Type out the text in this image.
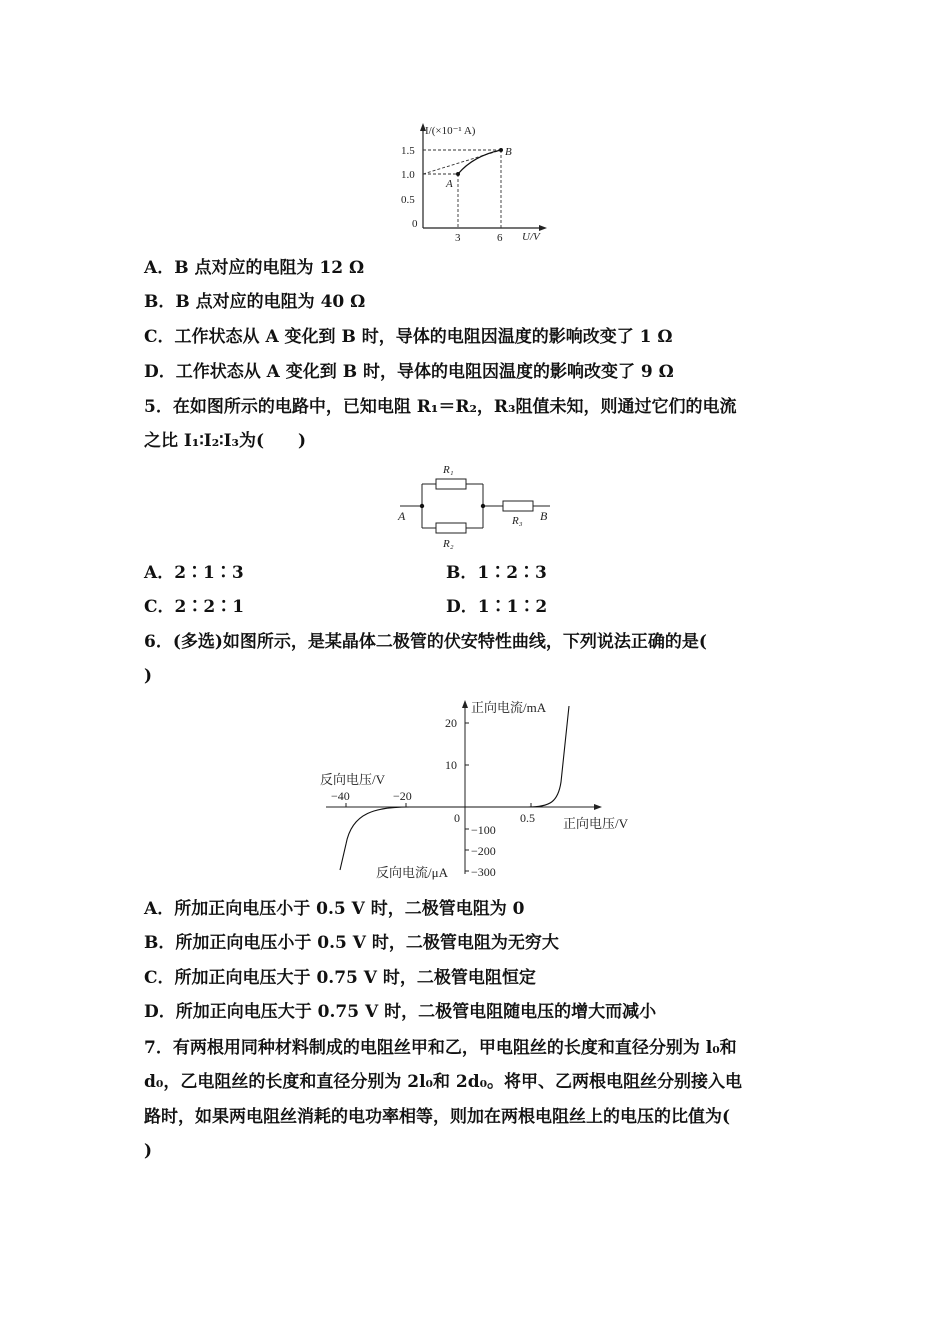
I/(×10⁻¹ A)
U/V
1.5
1.0
0.5
0
3	6
A
B
A．B 点对应的电阻为 12 Ω
B．B 点对应的电阻为 40 Ω
C．工作状态从 A 变化到 B 时，导体的电阻因温度的影响改变了 1 Ω
D．工作状态从 A 变化到 B 时，导体的电阻因温度的影响改变了 9 Ω
5．在如图所示的电路中，已知电阻 R₁＝R₂，R₃阻值未知，则通过它们的电流
之比 I₁∶I₂∶I₃为(　　)
R₁
R₂
R₃
A	B
A．2∶1∶3	B．1∶2∶3
C．2∶2∶1	D．1∶1∶2
6．(多选)如图所示，是某晶体二极管的伏安特性曲线，下列说法正确的是(
)
正向电流/mA
反向电压/V
正向电压/V
反向电流/μA
20
10
−100
−200
−300
−40	−20
0	0.5
A．所加正向电压小于 0.5 V 时，二极管电阻为 0
B．所加正向电压小于 0.5 V 时，二极管电阻为无穷大
C．所加正向电压大于 0.75 V 时，二极管电阻恒定
D．所加正向电压大于 0.75 V 时，二极管电阻随电压的增大而减小
7．有两根用同种材料制成的电阻丝甲和乙，甲电阻丝的长度和直径分别为 l₀和
d₀，乙电阻丝的长度和直径分别为 2l₀和 2d₀。将甲、乙两根电阻丝分别接入电
路时，如果两电阻丝消耗的电功率相等，则加在两根电阻丝上的电压的比值为(
)
